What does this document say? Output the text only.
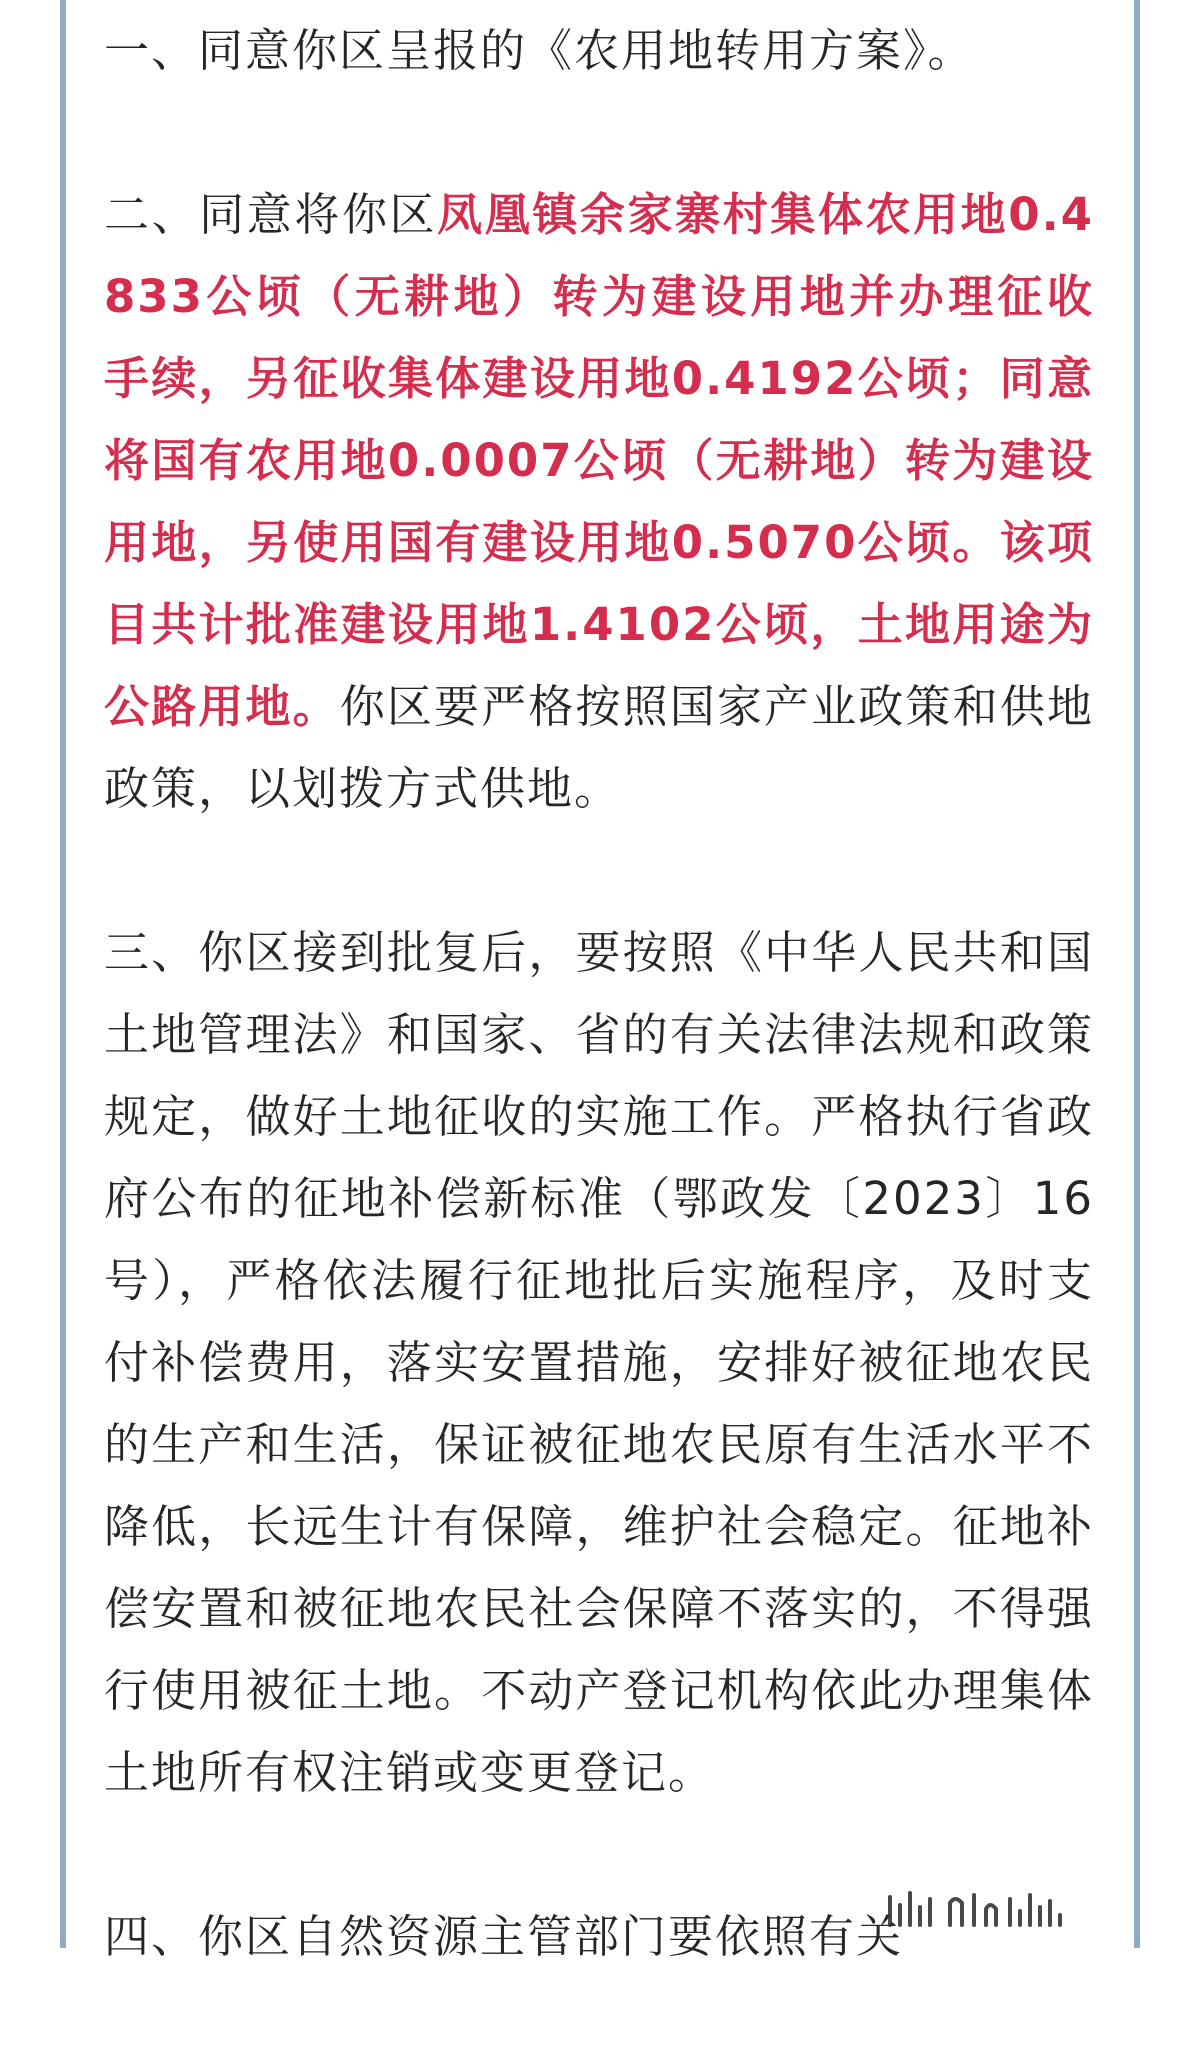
一、同意你区呈报的《农用地转用方案》。

二、同意将你区凤凰镇余家寨村集体农用地0.4833公顷（无耕地）转为建设用地并办理征收手续，另征收集体建设用地0.4192公顷；同意将国有农用地0.0007公顷（无耕地）转为建设用地，另使用国有建设用地0.5070公顷。该项目共计批准建设用地1.4102公顷，土地用途为公路用地。你区要严格按照国家产业政策和供地政策，以划拨方式供地。

三、你区接到批复后，要按照《中华人民共和国土地管理法》和国家、省的有关法律法规和政策规定，做好土地征收的实施工作。严格执行省政府公布的征地补偿新标准（鄂政发〔2023〕16号），严格依法履行征地批后实施程序，及时支付补偿费用，落实安置措施，安排好被征地农民的生产和生活，保证被征地农民原有生活水平不降低，长远生计有保障，维护社会稳定。征地补偿安置和被征地农民社会保障不落实的，不得强行使用被征土地。不动产登记机构依此办理集体土地所有权注销或变更登记。

四、你区自然资源主管部门要依照有关
